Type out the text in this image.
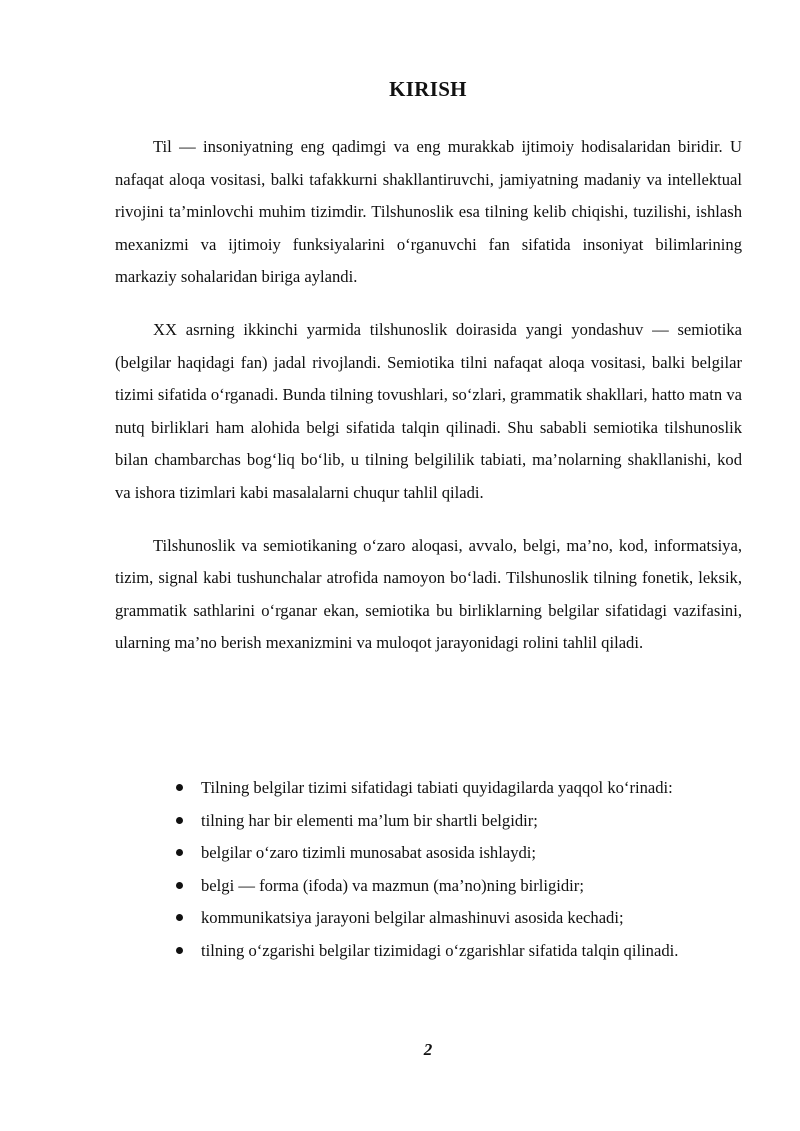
KIRISH

Til — insoniyatning eng qadimgi va eng murakkab ijtimoiy hodisalaridan biridir. U nafaqat aloqa vositasi, balki tafakkurni shakllantiruvchi, jamiyatning madaniy va intellektual rivojini ta’minlovchi muhim tizimdir. Tilshunoslik esa tilning kelib chiqishi, tuzilishi, ishlash mexanizmi va ijtimoiy funksiyalarini o‘rganuvchi fan sifatida insoniyat bilimlarining markaziy sohalaridan biriga aylandi.

XX asrning ikkinchi yarmida tilshunoslik doirasida yangi yondashuv — semiotika (belgilar haqidagi fan) jadal rivojlandi. Semiotika tilni nafaqat aloqa vositasi, balki belgilar tizimi sifatida o‘rganadi. Bunda tilning tovushlari, so‘zlari, grammatik shakllari, hatto matn va nutq birliklari ham alohida belgi sifatida talqin qilinadi. Shu sababli semiotika tilshunoslik bilan chambarchas bog‘liq bo‘lib, u tilning belgililik tabiati, ma’nolarning shakllanishi, kod va ishora tizimlari kabi masalalarni chuqur tahlil qiladi.

Tilshunoslik va semiotikaning o‘zaro aloqasi, avvalo, belgi, ma’no, kod, informatsiya, tizim, signal kabi tushunchalar atrofida namoyon bo‘ladi. Tilshunoslik tilning fonetik, leksik, grammatik sathlarini o‘rganar ekan, semiotika bu birliklarning belgilar sifatidagi vazifasini, ularning ma’no berish mexanizmini va muloqot jarayonidagi rolini tahlil qiladi.

Tilning belgilar tizimi sifatidagi tabiati quyidagilarda yaqqol ko‘rinadi:
tilning har bir elementi ma’lum bir shartli belgidir;
belgilar o‘zaro tizimli munosabat asosida ishlaydi;
belgi — forma (ifoda) va mazmun (ma’no)ning birligidir;
kommunikatsiya jarayoni belgilar almashinuvi asosida kechadi;
tilning o‘zgarishi belgilar tizimidagi o‘zgarishlar sifatida talqin qilinadi.
2
